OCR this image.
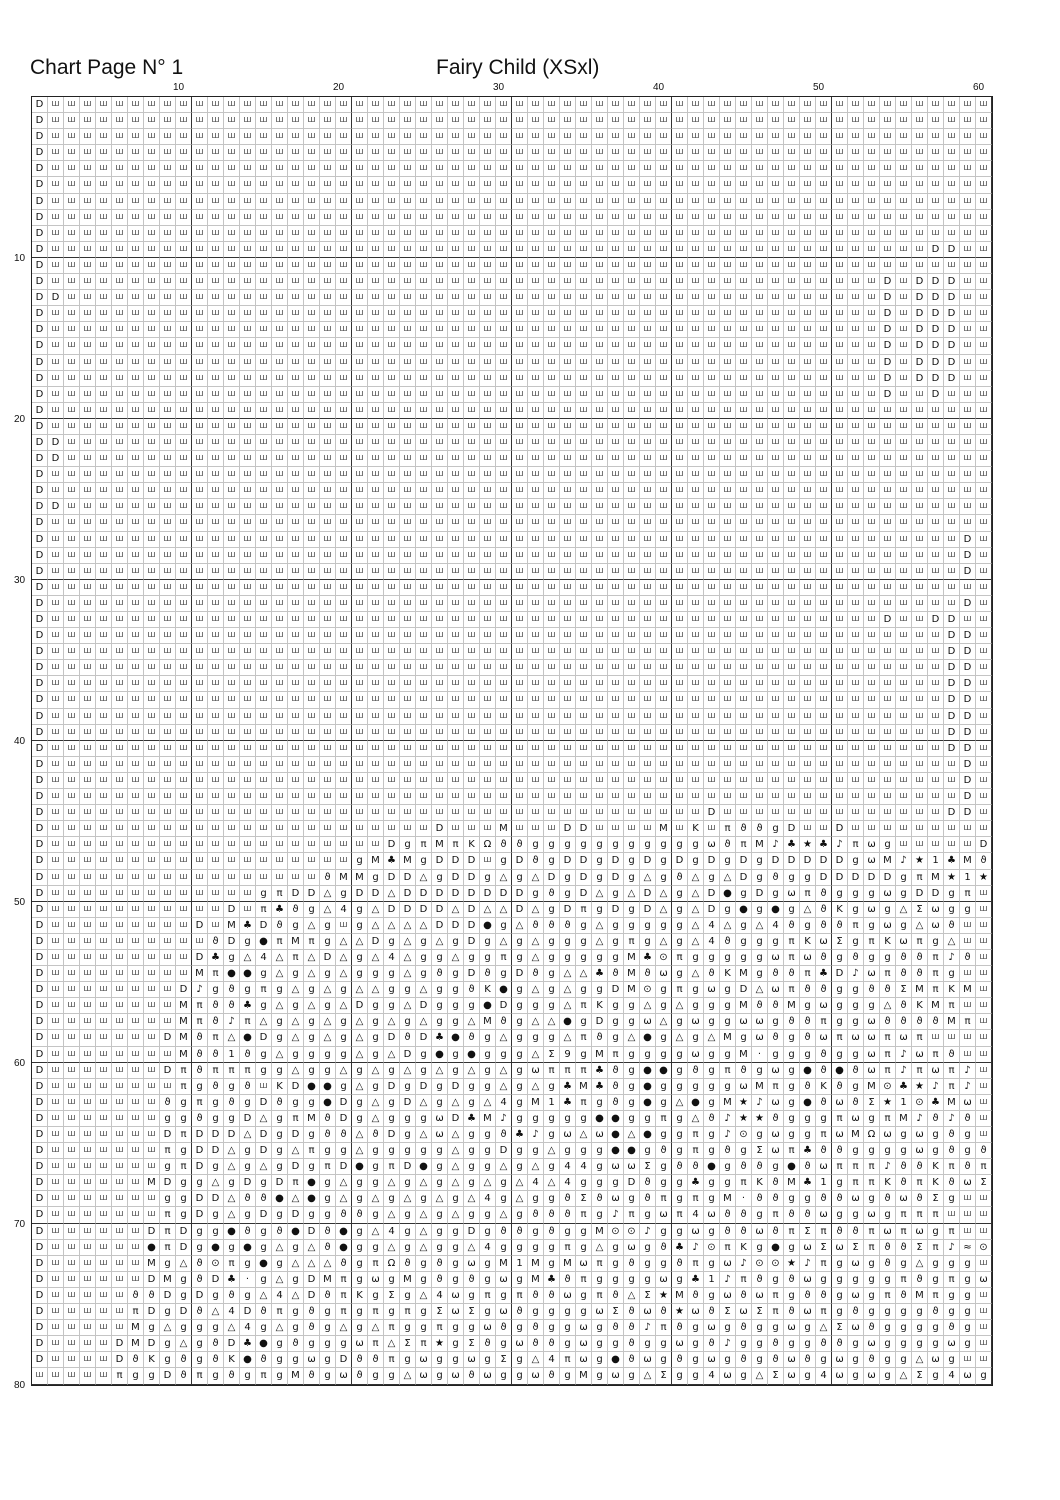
Chart Page N° 1	Fairy Child (XSxl)
10	20	30	40	50	60
10
20
30
40
50
60
70
80
D ш ш ш ш ш ш ш ш ш ш ш ш ш ш ш ш ш ш ш ш ш ш ш ш ш ш ш ш ш ш ш ш ш ш ш ш ш ш ш ш ш ш ш ш ш ш ш ш ш ш ш ш ш ш ш ш ш ш ш
D ш ш ш ш ш ш ш ш ш ш ш ш ш ш ш ш ш ш ш ш ш ш ш ш ш ш ш ш ш ш ш ш ш ш ш ш ш ш ш ш ш ш ш ш ш ш ш ш ш ш ш ш ш ш ш ш ш ш ш
D ш ш ш ш ш ш ш ш ш ш ш ш ш ш ш ш ш ш ш ш ш ш ш ш ш ш ш ш ш ш ш ш ш ш ш ш ш ш ш ш ш ш ш ш ш ш ш ш ш ш ш ш ш ш ш ш ш ш ш
D ш ш ш ш ш ш ш ш ш ш ш ш ш ш ш ш ш ш ш ш ш ш ш ш ш ш ш ш ш ш ш ш ш ш ш ш ш ш ш ш ш ш ш ш ш ш ш ш ш ш ш ш ш ш ш ш ш ш ш
D ш ш ш ш ш ш ш ш ш ш ш ш ш ш ш ш ш ш ш ш ш ш ш ш ш ш ш ш ш ш ш ш ш ш ш ш ш ш ш ш ш ш ш ш ш ш ш ш ш ш ш ш ш ш ш ш ш ш ш
D ш ш ш ш ш ш ш ш ш ш ш ш ш ш ш ш ш ш ш ш ш ш ш ш ш ш ш ш ш ш ш ш ш ш ш ш ш ш ш ш ш ш ш ш ш ш ш ш ш ш ш ш ш ш ш ш ш ш ш
D ш ш ш ш ш ш ш ш ш ш ш ш ш ш ш ш ш ш ш ш ш ш ш ш ш ш ш ш ш ш ш ш ш ш ш ш ш ш ш ш ш ш ш ш ш ш ш ш ш ш ш ш ш ш ш ш ш ш ш
D ш ш ш ш ш ш ш ш ш ш ш ш ш ш ш ш ш ш ш ш ш ш ш ш ш ш ш ш ш ш ш ш ш ш ш ш ш ш ш ш ш ш ш ш ш ш ш ш ш ш ш ш ш ш ш ш ш ш ш
D ш ш ш ш ш ш ш ш ш ш ш ш ш ш ш ш ш ш ш ш ш ш ш ш ш ш ш ш ш ш ш ш ш ш ш ш ш ш ш ш ш ш ш ш ш ш ш ш ш ш ш ш ш ш ш ш ш ш ш
D ш ш ш ш ш ш ш ш ш ш ш ш ш ш ш ш ш ш ш ш ш ш ш ш ш ш ш ш ш ш ш ш ш ш ш ш ш ш ш ш ш ш ш ш ш ш ш ш ш ш ш ш ш ш ш D D ш ш
D ш ш ш ш ш ш ш ш ш ш ш ш ш ш ш ш ш ш ш ш ш ш ш ш ш ш ш ш ш ш ш ш ш ш ш ш ш ш ш ш ш ш ш ш ш ш ш ш ш ш ш ш ш ш ш ш ш ш ш
D ш ш ш ш ш ш ш ш ш ш ш ш ш ш ш ш ш ш ш ш ш ш ш ш ш ш ш ш ш ш ш ш ш ш ш ш ш ш ш ш ш ш ш ш ш ш ш ш ш ш ш ш D ш D D D ш ш
D D ш ш ш ш ш ш ш ш ш ш ш ш ш ш ш ш ш ш ш ш ш ш ш ш ш ш ш ш ш ш ш ш ш ш ш ш ш ш ш ш ш ш ш ш ш ш ш ш ш ш ш D ш D D D ш ш
D ш ш ш ш ш ш ш ш ш ш ш ш ш ш ш ш ш ш ш ш ш ш ш ш ш ш ш ш ш ш ш ш ш ш ш ш ш ш ш ш ш ш ш ш ш ш ш ш ш ш ш ш D ш D D D ш ш
D ш ш ш ш ш ш ш ш ш ш ш ш ш ш ш ш ш ш ш ш ш ш ш ш ш ш ш ш ш ш ш ш ш ш ш ш ш ш ш ш ш ш ш ш ш ш ш ш ш ш ш ш D ш D D D ш ш
D ш ш ш ш ш ш ш ш ш ш ш ш ш ш ш ш ш ш ш ш ш ш ш ш ш ш ш ш ш ш ш ш ш ш ш ш ш ш ш ш ш ш ш ш ш ш ш ш ш ш ш ш D ш D D D ш ш
D ш ш ш ш ш ш ш ш ш ш ш ш ш ш ш ш ш ш ш ш ш ш ш ш ш ш ш ш ш ш ш ш ш ш ш ш ш ш ш ш ш ш ш ш ш ш ш ш ш ш ш ш D ш D D D ш ш
D ш ш ш ш ш ш ш ш ш ш ш ш ш ш ш ш ш ш ш ш ш ш ш ш ш ш ш ш ш ш ш ш ш ш ш ш ш ш ш ш ш ш ш ш ш ш ш ш ш ш ш ш D ш D D D ш ш
D ш ш ш ш ш ш ш ш ш ш ш ш ш ш ш ш ш ш ш ш ш ш ш ш ш ш ш ш ш ш ш ш ш ш ш ш ш ш ш ш ш ш ш ш ш ш ш ш ш ш ш ш D ш ш D ш ш ш
D ш ш ш ш ш ш ш ш ш ш ш ш ш ш ш ш ш ш ш ш ш ш ш ш ш ш ш ш ш ш ш ш ш ш ш ш ш ш ш ш ш ш ш ш ш ш ш ш ш ш ш ш ш ш ш ш ш ш ш
D ш ш ш ш ш ш ш ш ш ш ш ш ш ш ш ш ш ш ш ш ш ш ш ш ш ш ш ш ш ш ш ш ш ш ш ш ш ш ш ш ш ш ш ш ш ш ш ш ш ш ш ш ш ш ш ш ш ш ш
D D ш ш ш ш ш ш ш ш ш ш ш ш ш ш ш ш ш ш ш ш ш ш ш ш ш ш ш ш ш ш ш ш ш ш ш ш ш ш ш ш ш ш ш ш ш ш ш ш ш ш ш ш ш ш ш ш ш ш
D D ш ш ш ш ш ш ш ш ш ш ш ш ш ш ш ш ш ш ш ш ш ш ш ш ш ш ш ш ш ш ш ш ш ш ш ш ш ш ш ш ш ш ш ш ш ш ш ш ш ш ш ш ш ш ш ш ш ш
D ш ш ш ш ш ш ш ш ш ш ш ш ш ш ш ш ш ш ш ш ш ш ш ш ш ш ш ш ш ш ш ш ш ш ш ш ш ш ш ш ш ш ш ш ш ш ш ш ш ш ш ш ш ш ш ш ш ш ш
D ш ш ш ш ш ш ш ш ш ш ш ш ш ш ш ш ш ш ш ш ш ш ш ш ш ш ш ш ш ш ш ш ш ш ш ш ш ш ш ш ш ш ш ш ш ш ш ш ш ш ш ш ш ш ш ш ш ш ш
D D ш ш ш ш ш ш ш ш ш ш ш ш ш ш ш ш ш ш ш ш ш ш ш ш ш ш ш ш ш ш ш ш ш ш ш ш ш ш ш ш ш ш ш ш ш ш ш ш ш ш ш ш ш ш ш ш ш ш
D ш ш ш ш ш ш ш ш ш ш ш ш ш ш ш ш ш ш ш ш ш ш ш ш ш ш ш ш ш ш ш ш ш ш ш ш ш ш ш ш ш ш ш ш ш ш ш ш ш ш ш ш ш ш ш ш ш ш ш
D ш ш ш ш ш ш ш ш ш ш ш ш ш ш ш ш ш ш ш ш ш ш ш ш ш ш ш ш ш ш ш ш ш ш ш ш ш ш ш ш ш ш ш ш ш ш ш ш ш ш ш ш ш ш ш ш ш D ш
D ш ш ш ш ш ш ш ш ш ш ш ш ш ш ш ш ш ш ш ш ш ш ш ш ш ш ш ш ш ш ш ш ш ш ш ш ш ш ш ш ш ш ш ш ш ш ш ш ш ш ш ш ш ш ш ш ш D ш
D ш ш ш ш ш ш ш ш ш ш ш ш ш ш ш ш ш ш ш ш ш ш ш ш ш ш ш ш ш ш ш ш ш ш ш ш ш ш ш ш ш ш ш ш ш ш ш ш ш ш ш ш ш ш ш ш ш D ш
D ш ш ш ш ш ш ш ш ш ш ш ш ш ш ш ш ш ш ш ш ш ш ш ш ш ш ш ш ш ш ш ш ш ш ш ш ш ш ш ш ш ш ш ш ш ш ш ш ш ш ш ш ш ш ш ш ш ш ш
D ш ш ш ш ш ш ш ш ш ш ш ш ш ш ш ш ш ш ш ш ш ш ш ш ш ш ш ш ш ш ш ш ш ш ш ш ш ш ш ш ш ш ш ш ш ш ш ш ш ш ш ш ш ш ш ш ш D ш
D ш ш ш ш ш ш ш ш ш ш ш ш ш ш ш ш ш ш ш ш ш ш ш ш ш ш ш ш ш ш ш ш ш ш ш ш ш ш ш ш ш ш ш ш ш ш ш ш ш ш ш ш D ш ш D D ш ш
D ш ш ш ш ш ш ш ш ш ш ш ш ш ш ш ш ш ш ш ш ш ш ш ш ш ш ш ш ш ш ш ш ш ш ш ш ш ш ш ш ш ш ш ш ш ш ш ш ш ш ш ш ш ш ш ш D D ш
D ш ш ш ш ш ш ш ш ш ш ш ш ш ш ш ш ш ш ш ш ш ш ш ш ш ш ш ш ш ш ш ш ш ш ш ш ш ш ш ш ш ш ш ш ш ш ш ш ш ш ш ш ш ш ш ш D D ш
D ш ш ш ш ш ш ш ш ш ш ш ш ш ш ш ш ш ш ш ш ш ш ш ш ш ш ш ш ш ш ш ш ш ш ш ш ш ш ш ш ш ш ш ш ш ш ш ш ш ш ш ш ш ш ш ш D D ш
D ш ш ш ш ш ш ш ш ш ш ш ш ш ш ш ш ш ш ш ш ш ш ш ш ш ш ш ш ш ш ш ш ш ш ш ш ш ш ш ш ш ш ш ш ш ш ш ш ш ш ш ш ш ш ш ш D D ш
D ш ш ш ш ш ш ш ш ш ш ш ш ш ш ш ш ш ш ш ш ш ш ш ш ш ш ш ш ш ш ш ш ш ш ш ш ш ш ш ш ш ш ш ш ш ш ш ш ш ш ш ш ш ш ш ш D D ш
D ш ш ш ш ш ш ш ш ш ш ш ш ш ш ш ш ш ш ш ш ш ш ш ш ш ш ш ш ш ш ш ш ш ш ш ш ш ш ш ш ш ш ш ш ш ш ш ш ш ш ш ш ш ш ш ш D D ш
D ш ш ш ш ш ш ш ш ш ш ш ш ш ш ш ш ш ш ш ш ш ш ш ш ш ш ш ш ш ш ш ш ш ш ш ш ш ш ш ш ш ш ш ш ш ш ш ш ш ш ш ш ш ш ш ш D D ш
D ш ш ш ш ш ш ш ш ш ш ш ш ш ш ш ш ш ш ш ш ш ш ш ш ш ш ш ш ш ш ш ш ш ш ш ш ш ш ш ш ш ш ш ш ш ш ш ш ш ш ш ш ш ш ш ш D D ш
D ш ш ш ш ш ш ш ш ш ш ш ш ш ш ш ш ш ш ш ш ш ш ш ш ш ш ш ш ш ш ш ш ш ш ш ш ш ш ш ш ш ш ш ш ш ш ш ш ш ш ш ш ш ш ш ш ш D ш
D ш ш ш ш ш ш ш ш ш ш ш ш ш ш ш ш ш ш ш ш ш ш ш ш ш ш ш ш ш ш ш ш ш ш ш ш ш ш ш ш ш ш ш ш ш ш ш ш ш ш ш ш ш ш ш ш ш D ш
D ш ш ш ш ш ш ш ш ш ш ш ш ш ш ш ш ш ш ш ш ш ш ш ш ш ш ш ш ш ш ш ш ш ш ш ш ш ш ш ш ш ш ш ш ш ш ш ш ш ш ш ш ш ш ш ш ш D ш
D ш ш ш ш ш ш ш ш ш ш ш ш ш ш ш ш ш ш ш ш ш ш ш ш ш ш ш ш ш ш ш ш ш ш ш ш ш ш ш ш ш D ш ш ш ш ш ш ш ш ш ш ш ш ш ш D D ш
D ш ш ш ш ш ш ш ш ш ш ш ш ш ш ш ш ш ш ш ш ш ш ш ш D ш ш ш M ш ш ш D D ш ш ш ш M ш K ш π ϑ ϑ g D ш ш D ш ш ш ш ш ш ш ш ш
D ш ш ш ш ш ш ш ш ш ш ш ш ш ш ш ш ш ш ш ш ш D g π M π K Ω ϑ ϑ g g g g g g g g g g g ω ϑ π M ♪ ♣ ★ ♣ ♪ π ω g ш ш ш ш ш D
D ш ш ш ш ш ш ш ш ш ш ш ш ш ш ш ш ш ш ш g M ♣ M g D D D ш g D ϑ g D D g D g D g D g D g D g D D D D D g ω M ♪ ★ 1 ♣ M ϑ
D ш ш ш ш ш ш ш ш ш ш ш ш ш ш ш ш ш ϑ M M g D D △ g D D g △ g △ D g D g D g △ g ϑ △ g △ D g ϑ g g D D D D D g π M ★ 1 ★
D ш ш ш ш ш ш ш ш ш ш ш ш ш g π D D △ g D D △ D D D D D D D D g ϑ g D △ g △ D △ g △ D ● g D g ω π ϑ g g g ω g D D g π ш
D ш ш ш ш ш ш ш ш ш ш ш D ш π ♣ ϑ g △ 4 g △ D D D D △ D △ △ D △ g D π g D g D △ g △ D g ● g ● g △ ϑ K g ω g △ Σ ω g g ш
D ш ш ш ш ш ш ш ш ш D ш M ♣ D ϑ g △ g ш g △ △ △ △ D D D ● g △ ϑ ϑ ϑ g △ g g g g g △ 4 △ g △ 4 ϑ g ϑ ϑ π g ω g △ ω ϑ ш ш
D ш ш ш ш ш ш ш ш ш ш ϑ D g ● π M π g △ △ D g △ g △ g D g △ g △ g g g △ g π g △ g △ 4 ϑ g g g π K ω Σ g π K ω π g △ ш ш
D ш ш ш ш ш ш ш ш ш D ♣ g △ 4 △ π △ D △ g △ 4 △ g g △ g g π g △ g g g g g M ♣ ⊙ π g g g g g ω π ω ϑ g ϑ g g ϑ ϑ π ♪ ϑ ш
D ш ш ш ш ш ш ш ш ш M π ● ● g △ g △ g △ g g g △ g ϑ g D ϑ g D ϑ g △ △ ♣ ϑ M ϑ ω g △ ϑ K M g ϑ ϑ π ♣ D ♪ ω π ϑ ϑ π g ш ш
D ш ш ш ш ш ш ш ш D ♪ g ϑ g π g △ g △ g △ △ g g △ g g ϑ K ● g △ g △ g g D M ⊙ g π g ω g D △ ω π ϑ ϑ g g ϑ ϑ Σ M π K M ш
D ш ш ш ш ш ш ш ш M π ϑ ϑ ♣ g △ g △ g △ D g g △ D g g g ● D g g g △ π K g g △ g △ g g g M ϑ ϑ M g ω g g g △ ϑ K M π ш ш
D ш ш ш ш ш ш ш ш M π ϑ ♪ π △ g △ g △ g △ g △ g △ g g △ M ϑ g △ △ ● g D g g ω △ g ω g g ω ω g ϑ ϑ π g g ω ϑ ϑ ϑ ϑ M π ш
D ш ш ш ш ш ш ш D M ϑ π △ ● D g △ g △ g △ g D ϑ D ♣ ● ϑ g △ g g g △ π ϑ g △ ● g △ g △ M g ω ϑ g ϑ ω π ω ω π ω π ш ш ш ш
D ш ш ш ш ш ш ш ш M ϑ ϑ 1 ϑ g △ g g g g △ g △ D g ● g ● g g g △ Σ 9 g M π g g g g ω g g M	·	g g g ϑ g g ω π ♪ ω π ϑ ш ш
D ш ш ш ш ш ш ш D π ϑ π π π g g △ g g △ g △ g △ g △ g △ g △ g ω π π π ♣ ϑ g ● ● g ϑ g π ϑ g ω g ● ϑ ● ϑ ω π ♪ π ω π ♪ ш
D ш ш ш ш ш ш ш ш π g ϑ g ϑ ш K D ● ● g △ g D g D g D g g △ g △ g ♣ M ♣ ϑ g ● g g g g g ω M π g ϑ K ϑ g M ⊙ ♣ ★ ♪ π ♪ ш
D ш ш ш ш ш ш ш ϑ g π g ϑ g D ϑ g g ● D g △ g D △ g △ g △ 4 g M 1 ♣ π g ϑ g ● g △ ● g M ★ ♪ ω g ● ϑ ω ϑ Σ ★ 1 ⊙ ♣ M ω ш
D ш ш ш ш ш ш ш g g ϑ g g D △ g π M ϑ D g △ g g g ω D ♣ M ♪ g g g g g ● ● g g π g △ ϑ ♪ ★ ★ ϑ g g g π ω g π M ♪ ϑ ♪ ϑ ш
D ш ш ш ш ш ш ш D π D D D △ D g D g ϑ ϑ △ ϑ D g △ ω △ g g ϑ ♣ ♪ g ω △ ω ● △ ● g g π g ♪ ⊙ g ω g g π ω M Ω ω g ω g ϑ g ш
D ш ш ш ш ш ш ш π g D D △ g D g △ π g g △ g g g g g △ g g D g g △ g g g ● ● g ϑ g π g ϑ g Σ ω π ♣ ϑ ϑ g g g g ω g ϑ g ϑ
D ш ш ш ш ш ш ш g π D g △ g △ g D g π D ● g π D ● g △ g g △ g △ g 4 4 g ω ω Σ g ϑ ϑ ● g ϑ ϑ g ● ϑ ω π π π ♪ ϑ ϑ K π ϑ π
D ш ш ш ш ш ш M D g g △ g D g D π ● g △ g g △ g △ g △ g △ g △ 4 △ 4 g g g D ϑ g g ♣ g g π K ϑ M ♣ 1 g π π K ϑ π K ϑ ω Σ
D ш ш ш ш ш ш ш g g D D △ ϑ ϑ ● △ ● g △ g △ g △ g △ g △ 4 g △ g g ϑ Σ ϑ ω g ϑ π g π g M	·	ϑ ϑ g g ϑ ϑ ω g ϑ ω ϑ Σ g ш ш
D ш ш ш ш ш ш ш π g D g △ g D g D g g ϑ ϑ g △ g △ g △ g g △ g ϑ ϑ ϑ π g ♪ π g ω π 4 ω ϑ ϑ g π ϑ ϑ ω g g ω g π π π ш ш ш
D ш ш ш ш ш ш D π D g g ● ϑ g ϑ ● D ϑ ● g △ 4 g △ g g D g ϑ ϑ g ϑ g g M ⊙ ⊙ ♪ g g ω g ϑ ϑ ω ϑ π Σ π ϑ ϑ π ω π ω g π ш ш
D ш ш ш ш ш ш ● π D g ● g ● g △ g △ ϑ ● g g △ g △ g g △ 4 g g g g π g △ g ω g ϑ ♣ ♪ ⊙ π K g ● g ω Σ ω Σ π ϑ ϑ Σ π ♪ ≈ ⊙
D ш ш ш ш ш ш M g △ ϑ ⊙ π g ● g △ △ △ ϑ g π Ω ϑ g ϑ g ω g M 1 M g M ω π g ϑ g g ϑ π g ω ♪ ⊙ ⊙ ★ ♪ π g ω g ϑ g △ g g g ш
D ш ш ш ш ш ш D M g ϑ D ♣ ·	g △ g D M π g ω g M g ϑ g ϑ g ω g M ♣ ϑ π g g g g ω g ♣ 1 ♪ π ϑ g ϑ ω g g g g g π ϑ g π g ω
D ш ш ш ш ш ϑ ϑ D g D g ϑ g △ 4 △ D ϑ π K g Σ g △ 4 ω g π g π ϑ ϑ ω g π ϑ △ Σ ★ M ϑ g ω ϑ ω π g ϑ ϑ g ω g π ϑ M π g g ш
D ш ш ш ш ш π D g D ϑ △ 4 D ϑ π g ϑ g π g π g π g Σ ω Σ g ω ϑ g g g g ω Σ ϑ ω ϑ ★ ω ϑ Σ ω Σ π ϑ ω π g ϑ g g g g ϑ g g ш
D ш ш ш ш ш M g △ g g g △ 4 g △ g ϑ g △ g △ π g g π g g ω ϑ g ϑ g g ω g ϑ ϑ ♪ π ϑ g ω g ϑ g g ω g △ Σ ω ϑ g g g g ϑ g ш
D ш ш ш ш D M D g △ g ϑ D ♣ ● g ϑ g g g ω π △ Σ π ★ g Σ ϑ g ω ϑ ϑ g ω g g ϑ g g ω g ϑ ♪ g g ϑ g g ϑ ϑ g ω g g g g ω g ш
D ш ш ш ш D ϑ K g ϑ g ϑ K ● ϑ g g ω g D ϑ ϑ π g ω g g ω g Σ g △ 4 π ω g ● ϑ ω g ϑ g ω g ϑ g ϑ ω ϑ g ω g ϑ g g △ ω g ш ш
ш ш ш ш ш π g g D ϑ π g ϑ g π g M ϑ g ω ϑ g g △ ω g ω ϑ ω g g ω ϑ g M g ω g △ Σ g g 4 ω g △ Σ ω g 4 ω g ω g △ Σ g 4 ω g
